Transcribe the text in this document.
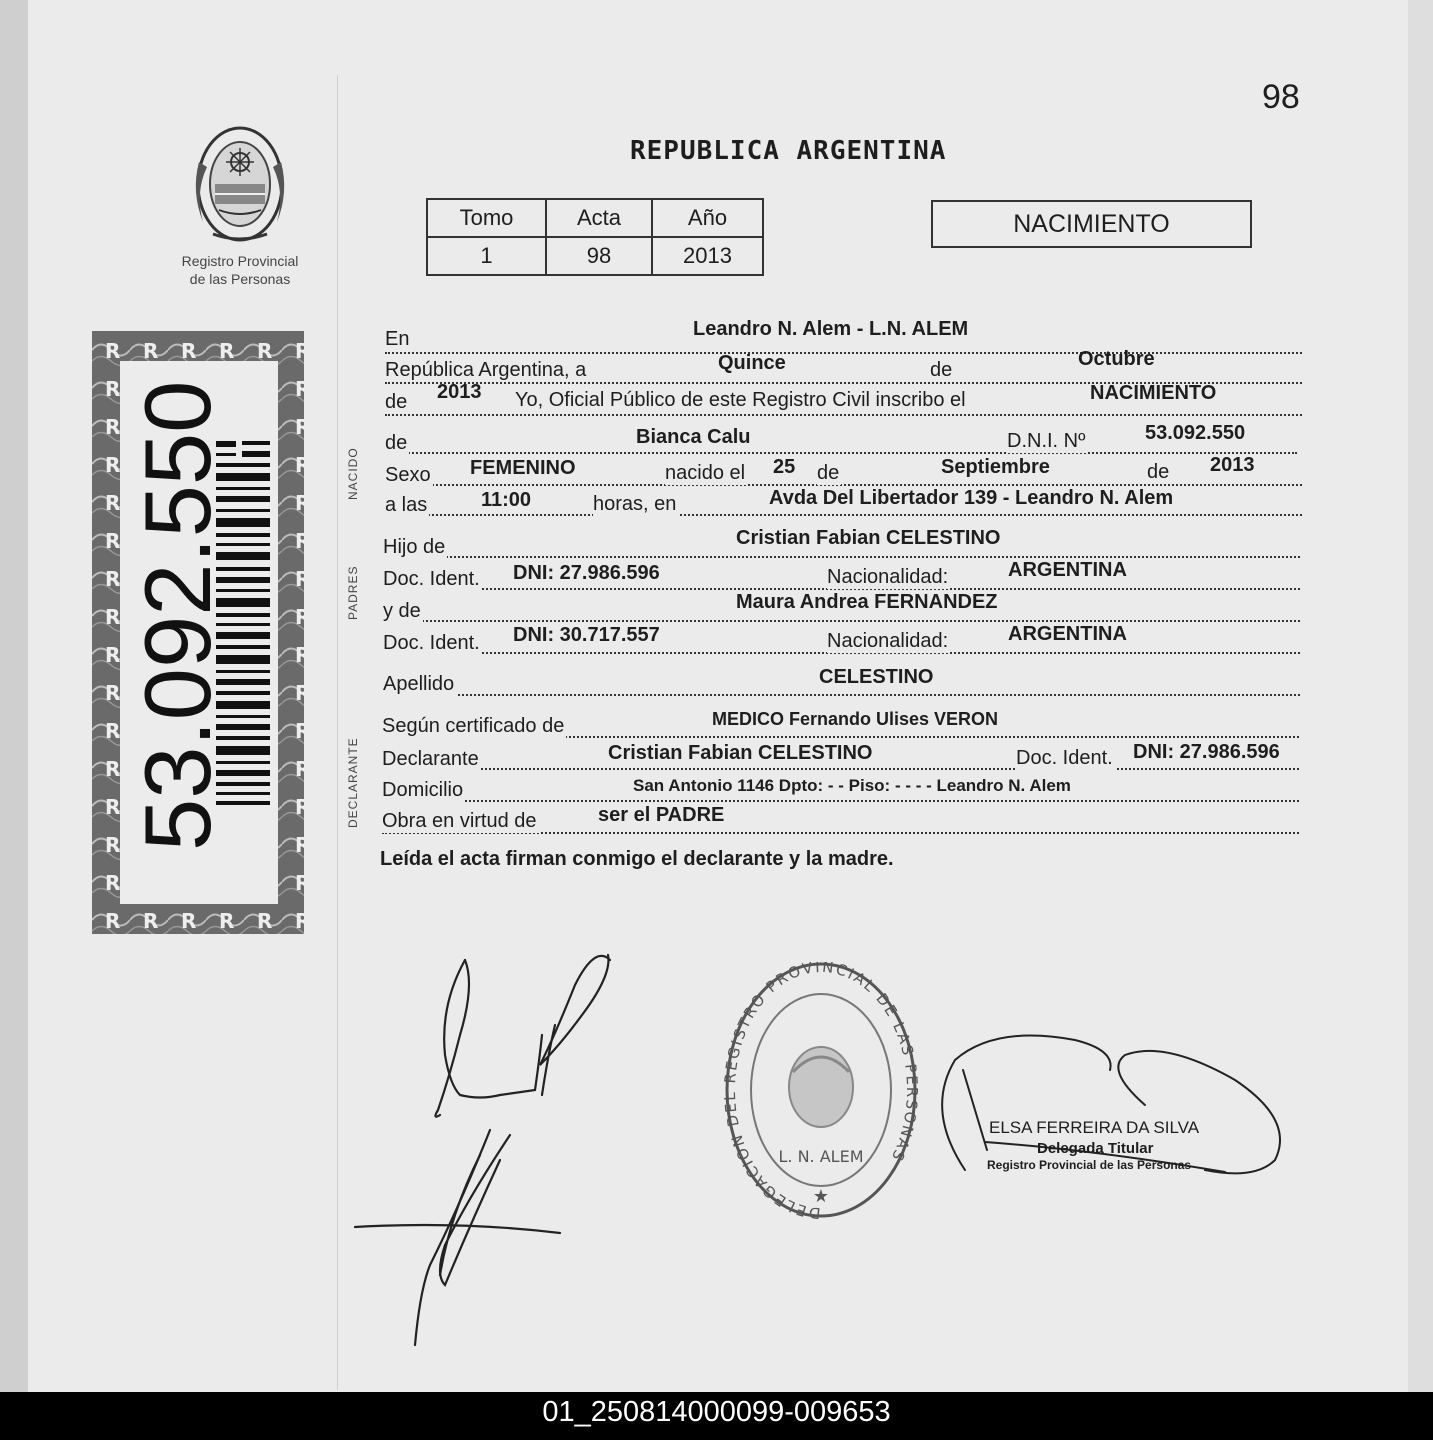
98
REPUBLICA ARGENTINA
Registro Provincial
de las Personas
Tomo	Acta	Año
1	98	2013
NACIMIENTO
53.092.550	NACIDO
PADRES
DECLARANTE
En	Leandro N. Alem - L.N. ALEM
República Argentina, a	Quince	de	Octubre
de 2013 Yo, Oficial Público de este Registro Civil inscribo el	NACIMIENTO
de	Bianca Calu	D.N.I. Nº	53.092.550
Sexo FEMENINO	nacido el 25 de	Septiembre	de 2013
a las	11:00	horas, en	Avda Del Libertador 139 - Leandro N. Alem
Hijo de	Cristian Fabian CELESTINO
Doc. Ident. DNI: 27.986.596	Nacionalidad:	ARGENTINA
y de	Maura Andrea FERNANDEZ
Doc. Ident. DNI: 30.717.557	Nacionalidad:	ARGENTINA
Apellido	CELESTINO
Según certificado de	MEDICO Fernando Ulises VERON
Declarante	Cristian Fabian CELESTINO	Doc. Ident. DNI: 27.986.596
Domicilio	San Antonio 1146 Dpto: - - Piso: - - - - Leandro N. Alem
Obra en virtud de	ser el PADRE
Leída el acta firman conmigo el declarante y la madre.
DELEGACION DE EGISTRO PROVINCIAL DE LAS P SONAS
L. N. ALEM
★
ELSA FERREIRA DA SILVA
Delegada Titular
Registro Provincial de las Personas
01_250814000099-009653
